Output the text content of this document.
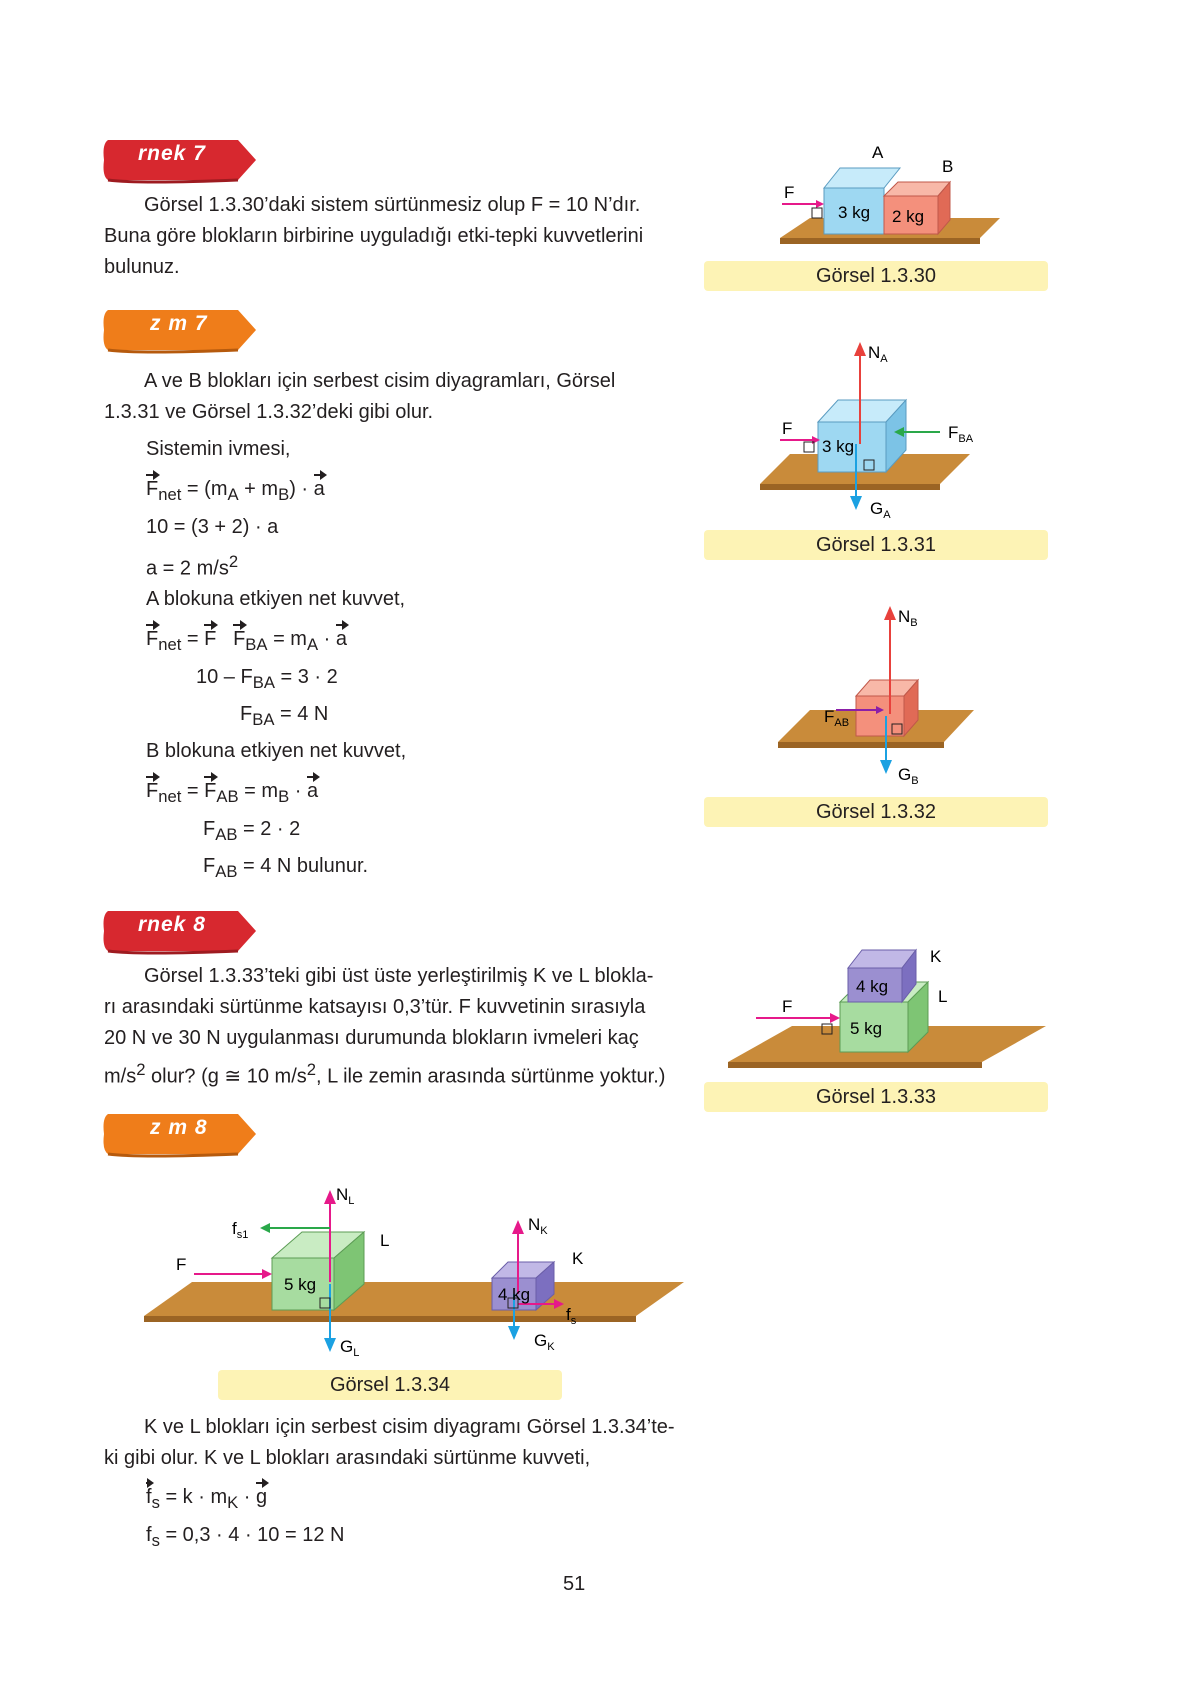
rnek 7
z m 7
rnek 8
z m 8
Görsel 1.3.30’daki sistem sürtünmesiz olup F = 10 N’dır.
Buna göre blokların birbirine uyguladığı etki-tepki kuvvetlerini
bulunuz.
A ve B blokları için serbest cisim diyagramları, Görsel
1.3.31 ve Görsel 1.3.32’deki gibi olur.
Sistemin ivmesi,
$F_{net} = (m_A + m_B) \cdot a$
10 = (3 + 2) · a
a = 2 $m/s^2$
A blokuna etkiyen net kuvvet,
$F_{net} = F$ $F_{BA} = m_A \cdot a$
$10 - F_{BA} = 3 \cdot 2$
$F_{BA} = 4$ N
B blokuna etkiyen net kuvvet,
$F_{net} = F_{AB} = m_B \cdot a$
$F_{AB} = 2 \cdot 2$
$F_{AB} = 4$ N bulunur.
Görsel 1.3.33’teki gibi üst üste yerleştirilmiş K ve L blokla-
rı arasındaki sürtünme katsayısı 0,3’tür. F kuvvetinin sırasıyla
20 N ve 30 N uygulanması durumunda blokların ivmeleri kaç
$m/s^2$ olur? (g ≅ 10 $m/s^2$, L ile zemin arasında sürtünme yoktur.)
K ve L blokları için serbest cisim diyagramı Görsel 1.3.34’te-
ki gibi olur. K ve L blokları arasındaki sürtünme kuvveti,
$f_s = k \cdot m_K \cdot g$
$f_s = 0,3 \cdot 4 \cdot 10 = 12$ N
A
B
F
3 kg 2 kg
Görsel 1.3.30
$N_A$
F	$F_{BA}$
3 kg
$G_A$
Görsel 1.3.31
$N_B$
$F_{AB}$
$G_B$
Görsel 1.3.32
K
L
F
4 kg
5 kg
Görsel 1.3.33
$N_L$
$f_{s1}$
F
L
5 kg
$G_L$
$N_K$
K
4 kg
$f_s$
$G_K$
Görsel 1.3.34
51
